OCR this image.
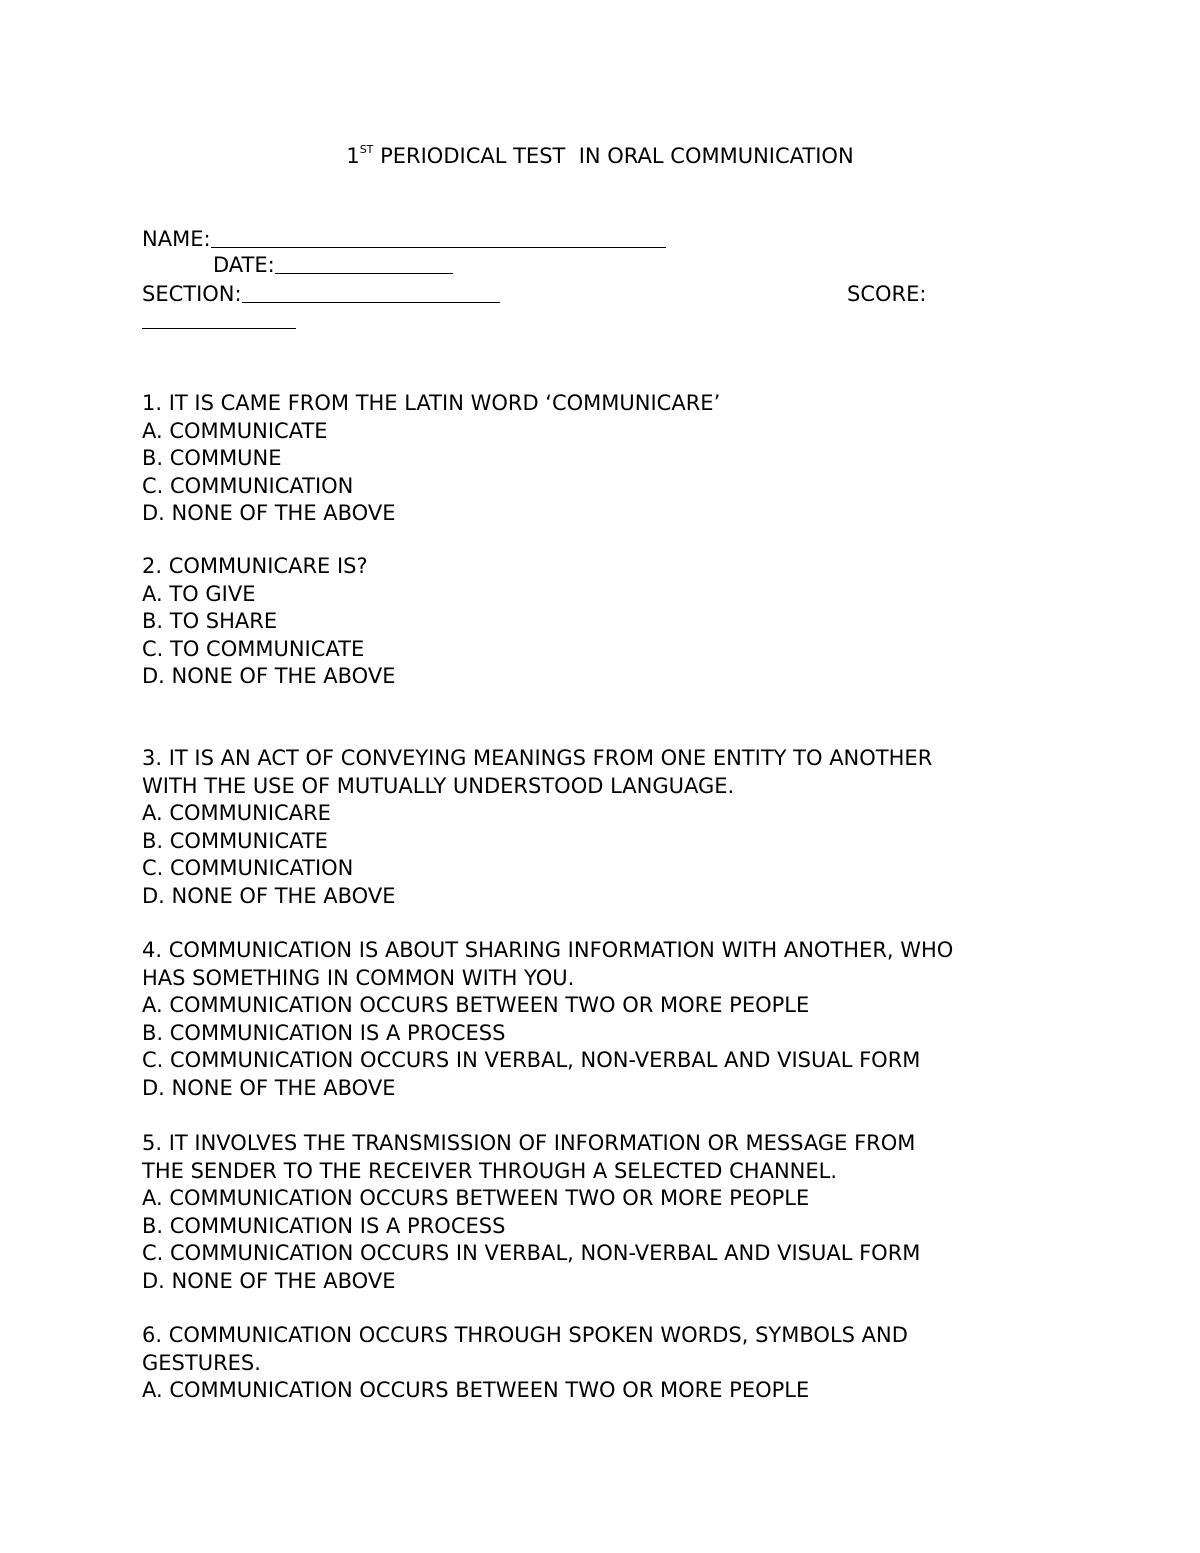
1ST PERIODICAL TEST  IN ORAL COMMUNICATION
NAME:
DATE:
SECTION:	SCORE:
1. IT IS CAME FROM THE LATIN WORD ‘COMMUNICARE’
A. COMMUNICATE
B. COMMUNE
C. COMMUNICATION
D. NONE OF THE ABOVE
2. COMMUNICARE IS?
A. TO GIVE
B. TO SHARE
C. TO COMMUNICATE
D. NONE OF THE ABOVE
3. IT IS AN ACT OF CONVEYING MEANINGS FROM ONE ENTITY TO ANOTHER
WITH THE USE OF MUTUALLY UNDERSTOOD LANGUAGE.
A. COMMUNICARE
B. COMMUNICATE
C. COMMUNICATION
D. NONE OF THE ABOVE
4. COMMUNICATION IS ABOUT SHARING INFORMATION WITH ANOTHER, WHO
HAS SOMETHING IN COMMON WITH YOU.
A. COMMUNICATION OCCURS BETWEEN TWO OR MORE PEOPLE
B. COMMUNICATION IS A PROCESS
C. COMMUNICATION OCCURS IN VERBAL, NON-VERBAL AND VISUAL FORM
D. NONE OF THE ABOVE
5. IT INVOLVES THE TRANSMISSION OF INFORMATION OR MESSAGE FROM
THE SENDER TO THE RECEIVER THROUGH A SELECTED CHANNEL.
A. COMMUNICATION OCCURS BETWEEN TWO OR MORE PEOPLE
B. COMMUNICATION IS A PROCESS
C. COMMUNICATION OCCURS IN VERBAL, NON-VERBAL AND VISUAL FORM
D. NONE OF THE ABOVE
6. COMMUNICATION OCCURS THROUGH SPOKEN WORDS, SYMBOLS AND
GESTURES.
A. COMMUNICATION OCCURS BETWEEN TWO OR MORE PEOPLE
